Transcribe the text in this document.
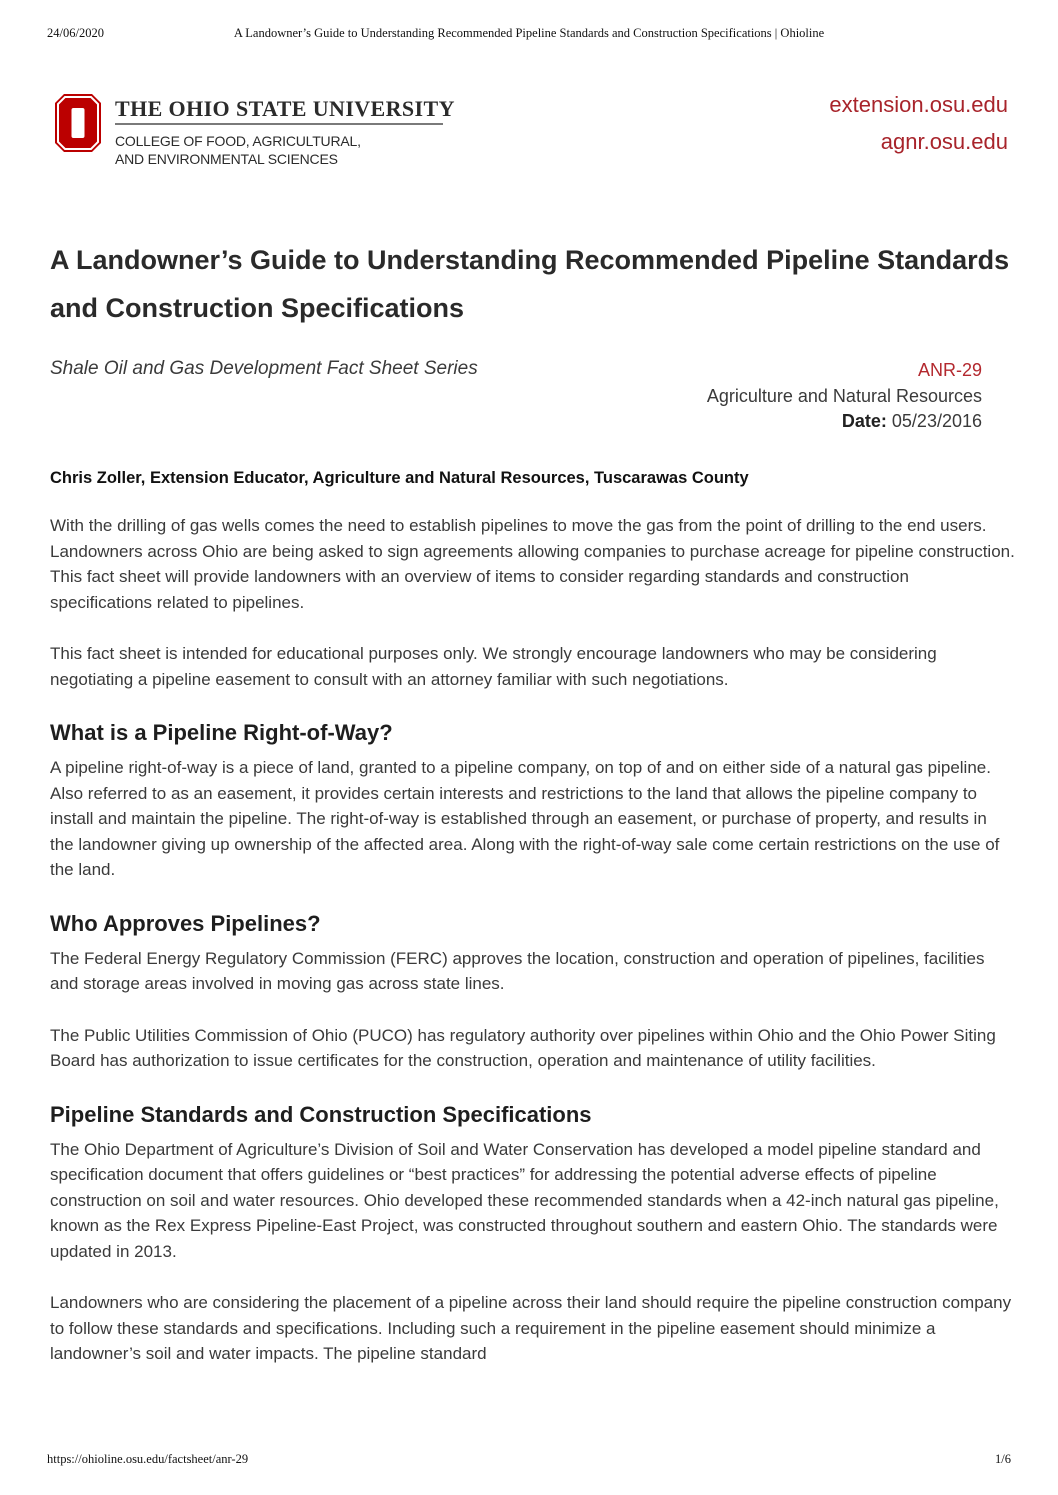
24/06/2020	A Landowner’s Guide to Understanding Recommended Pipeline Standards and Construction Specifications | Ohioline
THE OHIO STATE UNIVERSITY
COLLEGE OF FOOD, AGRICULTURAL,
AND ENVIRONMENTAL SCIENCES
extension.osu.edu
agnr.osu.edu
A Landowner’s Guide to Understanding Recommended Pipeline Standards and Construction Specifications
Shale Oil and Gas Development Fact Sheet Series	ANR-29
Agriculture and Natural Resources
Date: 05/23/2016
Chris Zoller, Extension Educator, Agriculture and Natural Resources, Tuscarawas County

With the drilling of gas wells comes the need to establish pipelines to move the gas from the point of drilling to the end users. Landowners across Ohio are being asked to sign agreements allowing companies to purchase acreage for pipeline construction. This fact sheet will provide landowners with an overview of items to consider regarding standards and construction specifications related to pipelines.

This fact sheet is intended for educational purposes only. We strongly encourage landowners who may be considering negotiating a pipeline easement to consult with an attorney familiar with such negotiations.

What is a Pipeline Right-of-Way?

A pipeline right-of-way is a piece of land, granted to a pipeline company, on top of and on either side of a natural gas pipeline. Also referred to as an easement, it provides certain interests and restrictions to the land that allows the pipeline company to install and maintain the pipeline. The right-of-way is established through an easement, or purchase of property, and results in the landowner giving up ownership of the affected area. Along with the right-of-way sale come certain restrictions on the use of the land.

Who Approves Pipelines?

The Federal Energy Regulatory Commission (FERC) approves the location, construction and operation of pipelines, facilities and storage areas involved in moving gas across state lines.

The Public Utilities Commission of Ohio (PUCO) has regulatory authority over pipelines within Ohio and the Ohio Power Siting Board has authorization to issue certificates for the construction, operation and maintenance of utility facilities.

Pipeline Standards and Construction Specifications

The Ohio Department of Agriculture’s Division of Soil and Water Conservation has developed a model pipeline standard and specification document that offers guidelines or “best practices” for addressing the potential adverse effects of pipeline construction on soil and water resources. Ohio developed these recommended standards when a 42-inch natural gas pipeline, known as the Rex Express Pipeline-East Project, was constructed throughout southern and eastern Ohio. The standards were updated in 2013.

Landowners who are considering the placement of a pipeline across their land should require the pipeline construction company to follow these standards and specifications. Including such a requirement in the pipeline easement should minimize a landowner’s soil and water impacts. The pipeline standard

https://ohioline.osu.edu/factsheet/anr-29	1/6
